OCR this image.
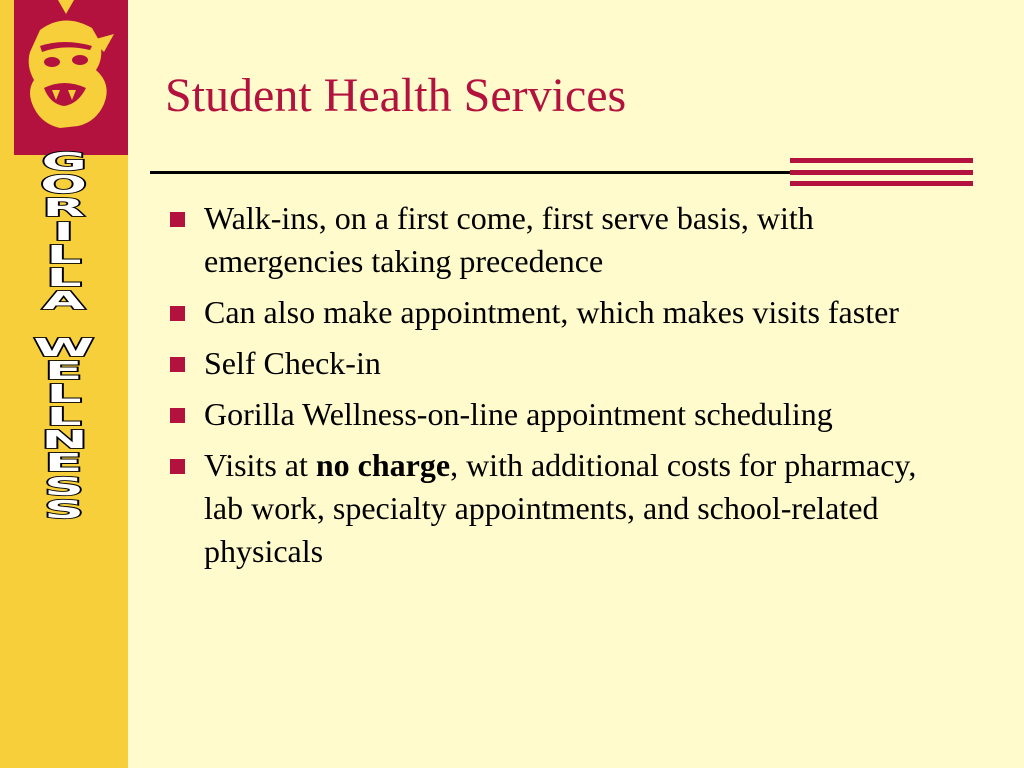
G
O
R
I
L
L
A

W
E
L
L
N
E
S
S
Student Health Services
Walk-ins, on a first come, first serve basis, with emergencies taking precedence
Can also make appointment, which makes visits faster
Self Check-in
Gorilla Wellness-on-line appointment scheduling
Visits at no charge, with additional costs for pharmacy, lab work, specialty appointments, and school-related physicals
